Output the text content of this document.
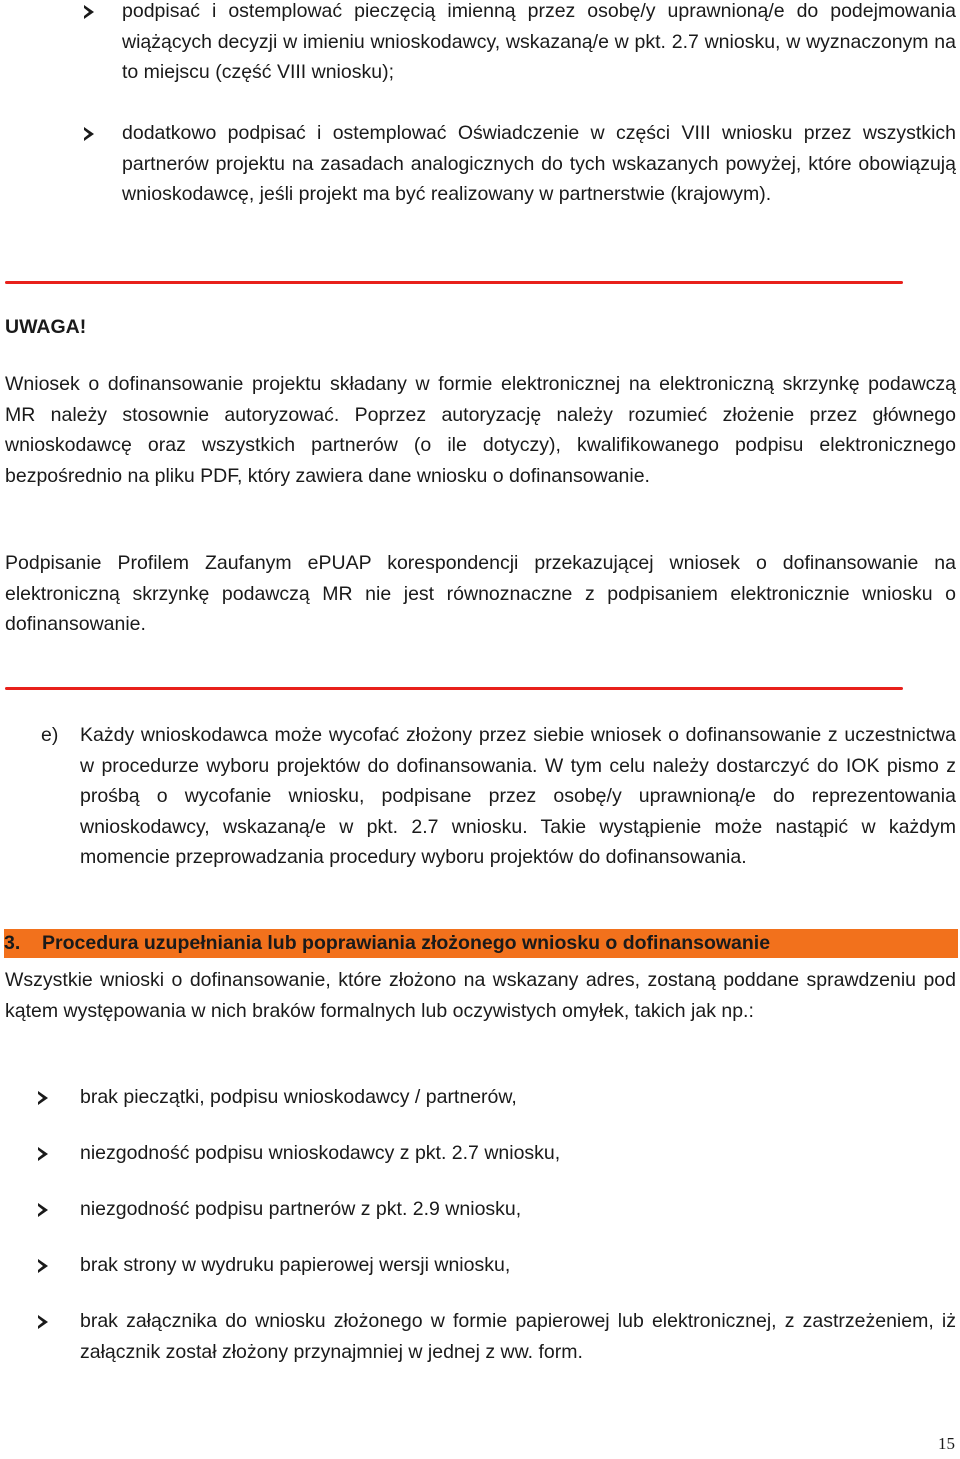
podpisać i ostemplować pieczęcią imienną przez osobę/y uprawnioną/e do podejmowania wiążących decyzji w imieniu wnioskodawcy, wskazaną/e w pkt. 2.7 wniosku, w wyznaczonym na to miejscu (część VIII wniosku);
dodatkowo podpisać i ostemplować Oświadczenie w części VIII wniosku przez wszystkich partnerów projektu na zasadach analogicznych do tych wskazanych powyżej, które obowiązują wnioskodawcę, jeśli projekt ma być realizowany w partnerstwie (krajowym).
UWAGA!

Wniosek o dofinansowanie projektu składany w formie elektronicznej na elektroniczną skrzynkę podawczą MR należy stosownie autoryzować. Poprzez autoryzację należy rozumieć złożenie przez głównego wnioskodawcę oraz wszystkich partnerów (o ile dotyczy), kwalifikowanego podpisu elektronicznego bezpośrednio na pliku PDF, który zawiera dane wniosku o dofinansowanie.

Podpisanie Profilem Zaufanym ePUAP korespondencji przekazującej wniosek o dofinansowanie na elektroniczną skrzynkę podawczą MR nie jest równoznaczne z podpisaniem elektronicznie wniosku o dofinansowanie.

e) Każdy wnioskodawca może wycofać złożony przez siebie wniosek o dofinansowanie z uczestnictwa w procedurze wyboru projektów do dofinansowania. W tym celu należy dostarczyć do IOK pismo z prośbą o wycofanie wniosku, podpisane przez osobę/y uprawnioną/e do reprezentowania wnioskodawcy, wskazaną/e w pkt. 2.7 wniosku. Takie wystąpienie może nastąpić w każdym momencie przeprowadzania procedury wyboru projektów do dofinansowania.

3. Procedura uzupełniania lub poprawiania złożonego wniosku o dofinansowanie

Wszystkie wnioski o dofinansowanie, które złożono na wskazany adres, zostaną poddane sprawdzeniu pod kątem występowania w nich braków formalnych lub oczywistych omyłek, takich jak np.:

brak pieczątki, podpisu wnioskodawcy / partnerów,
niezgodność podpisu wnioskodawcy z pkt. 2.7 wniosku,
niezgodność podpisu partnerów z pkt. 2.9 wniosku,
brak strony w wydruku papierowej wersji wniosku,
brak załącznika do wniosku złożonego w formie papierowej lub elektronicznej, z zastrzeżeniem, iż załącznik został złożony przynajmniej w jednej z ww. form.
15
